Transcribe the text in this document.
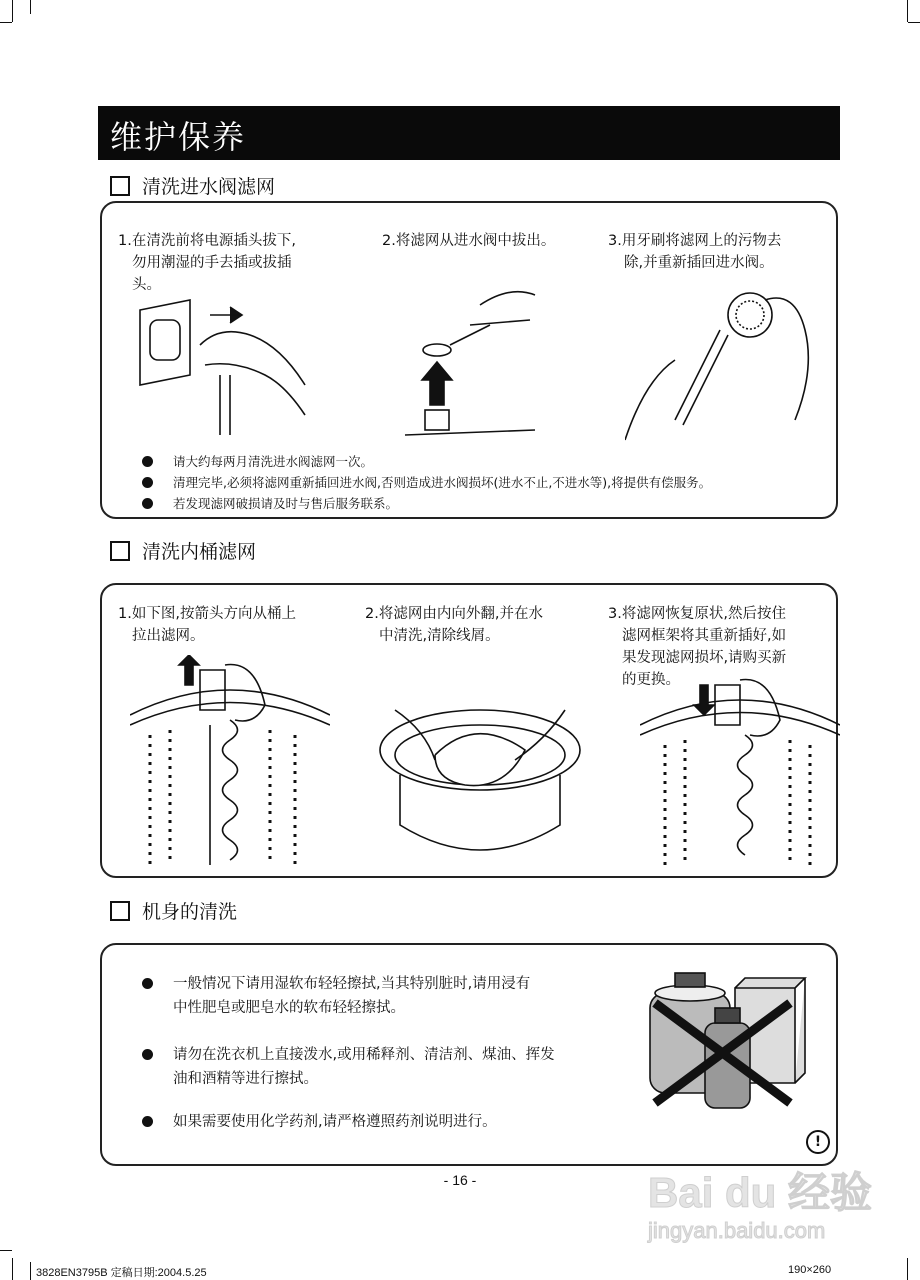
维护保养
清洗进水阀滤网
1.在清洗前将电源插头拔下,
勿用潮湿的手去插或拔插
头。
2.将滤网从进水阀中拔出。	3.用牙刷将滤网上的污物去
除,并重新插回进水阀。
请大约每两月清洗进水阀滤网一次。
清理完毕,必须将滤网重新插回进水阀,否则造成进水阀损坏(进水不止,不进水等),将提供有偿服务。
若发现滤网破损请及时与售后服务联系。
清洗内桶滤网
1.如下图,按箭头方向从桶上
拉出滤网。
2.将滤网由内向外翻,并在水
中清洗,清除线屑。
3.将滤网恢复原状,然后按住
滤网框架将其重新插好,如
果发现滤网损坏,请购买新
的更换。
机身的清洗
一般情况下请用湿软布轻轻擦拭,当其特别脏时,请用浸有
中性肥皂或肥皂水的软布轻轻擦拭。
请勿在洗衣机上直接泼水,或用稀释剂、清洁剂、煤油、挥发
油和酒精等进行擦拭。
如果需要使用化学药剂,请严格遵照药剂说明进行。
!
- 16 -	Bai du 经验
jingyan.baidu.com
3828EN3795B 定稿日期:2004.5.25	190×260
